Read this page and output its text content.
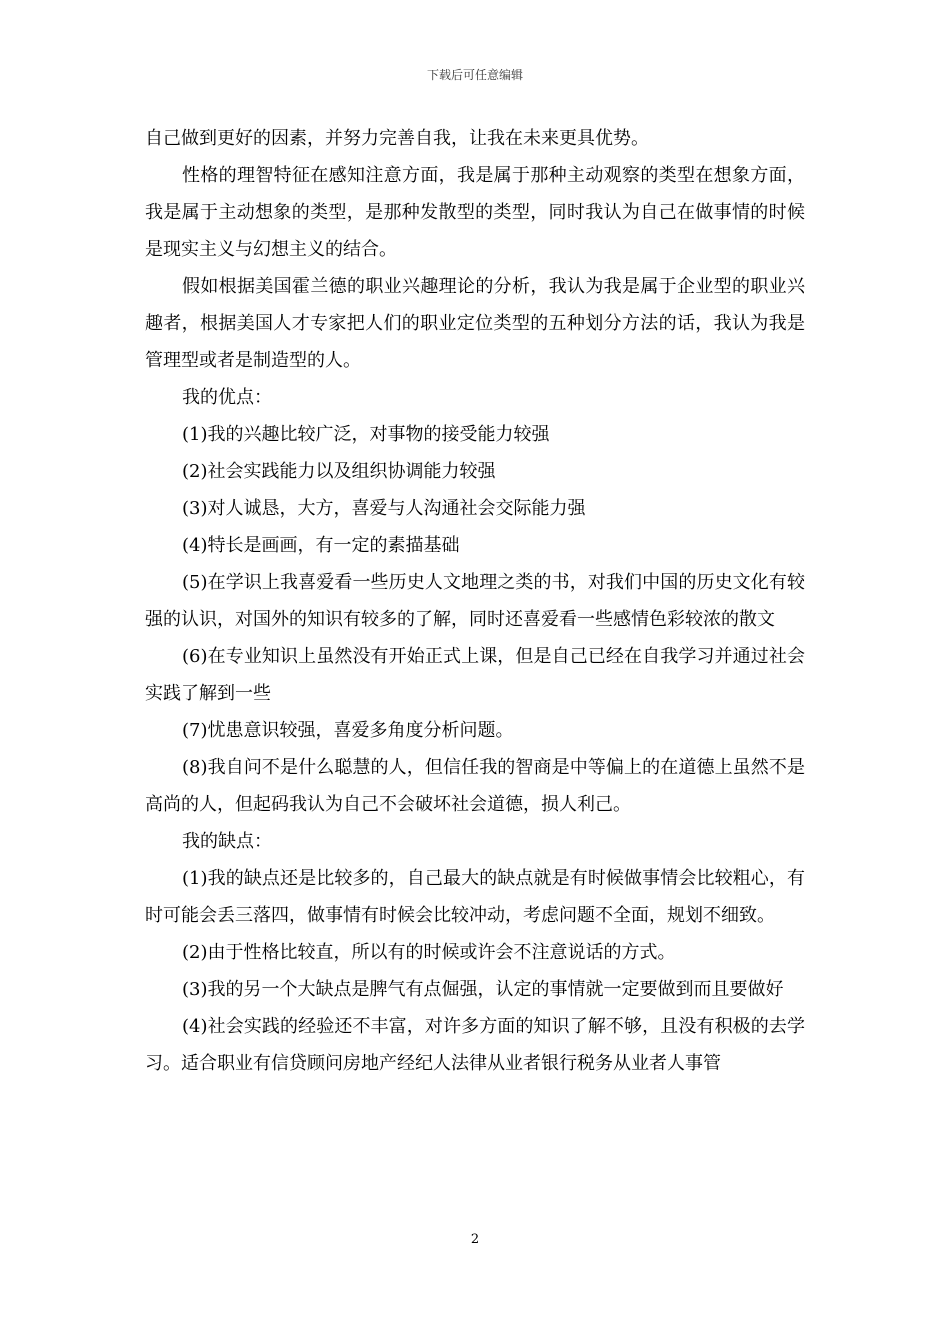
下载后可任意编辑

自己做到更好的因素，并努力完善自我，让我在未来更具优势。

性格的理智特征在感知注意方面，我是属于那种主动观察的类型在想象方面，我是属于主动想象的类型，是那种发散型的类型，同时我认为自己在做事情的时候是现实主义与幻想主义的结合。

假如根据美国霍兰德的职业兴趣理论的分析，我认为我是属于企业型的职业兴趣者，根据美国人才专家把人们的职业定位类型的五种划分方法的话，我认为我是管理型或者是制造型的人。

我的优点：

(1)我的兴趣比较广泛，对事物的接受能力较强

(2)社会实践能力以及组织协调能力较强

(3)对人诚恳，大方，喜爱与人沟通社会交际能力强

(4)特长是画画，有一定的素描基础

(5)在学识上我喜爱看一些历史人文地理之类的书，对我们中国的历史文化有较强的认识，对国外的知识有较多的了解，同时还喜爱看一些感情色彩较浓的散文

(6)在专业知识上虽然没有开始正式上课，但是自己已经在自我学习并通过社会实践了解到一些

(7)忧患意识较强，喜爱多角度分析问题。

(8)我自问不是什么聪慧的人，但信任我的智商是中等偏上的在道德上虽然不是高尚的人，但起码我认为自己不会破坏社会道德，损人利己。

我的缺点：

(1)我的缺点还是比较多的，自己最大的缺点就是有时候做事情会比较粗心，有时可能会丢三落四，做事情有时候会比较冲动，考虑问题不全面，规划不细致。

(2)由于性格比较直，所以有的时候或许会不注意说话的方式。

(3)我的另一个大缺点是脾气有点倔强，认定的事情就一定要做到而且要做好

(4)社会实践的经验还不丰富，对许多方面的知识了解不够，且没有积极的去学习。适合职业有信贷顾问房地产经纪人法律从业者银行税务从业者人事管

2
